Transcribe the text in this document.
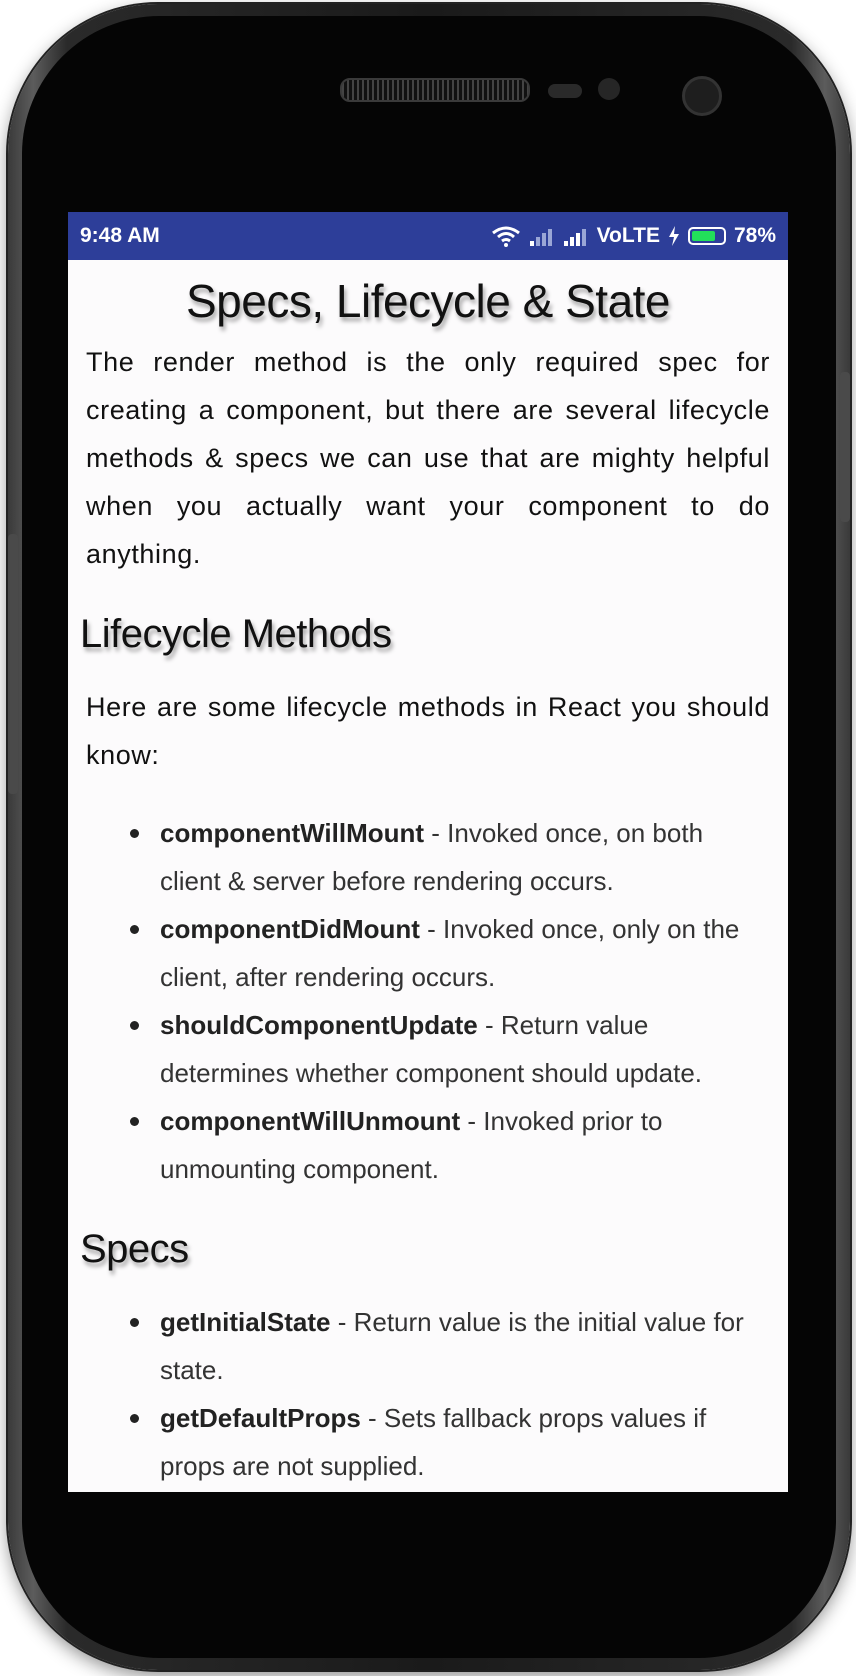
9:48 AM	VoLTE	78%
Specs, Lifecycle & State

The render method is the only required spec for creating a component, but there are several lifecycle methods & specs we can use that are mighty helpful when you actually want your component to do anything.

Lifecycle Methods

Here are some lifecycle methods in React you should know:

componentWillMount - Invoked once, on both client & server before rendering occurs.
componentDidMount - Invoked once, only on the client, after rendering occurs.
shouldComponentUpdate - Return value determines whether component should update.
componentWillUnmount - Invoked prior to unmounting component.
Specs
getInitialState - Return value is the initial value for state.
getDefaultProps - Sets fallback props values if props are not supplied.
